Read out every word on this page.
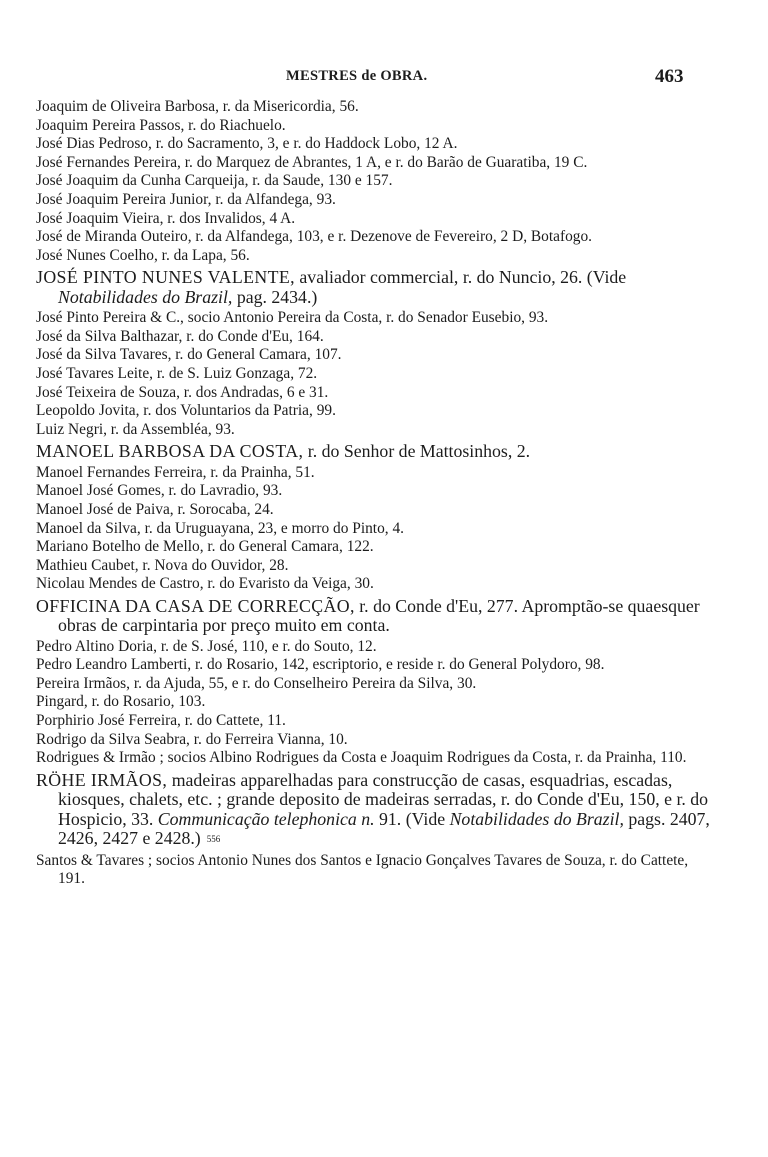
MESTRES de OBRA.	463

Joaquim de Oliveira Barbosa, r. da Misericordia, 56.

Joaquim Pereira Passos, r. do Riachuelo.

José Dias Pedroso, r. do Sacramento, 3, e r. do Haddock Lobo, 12 A.

José Fernandes Pereira, r. do Marquez de Abrantes, 1 A, e r. do Barão de Guaratiba, 19 C.

José Joaquim da Cunha Carqueija, r. da Saude, 130 e 157.

José Joaquim Pereira Junior, r. da Alfandega, 93.

José Joaquim Vieira, r. dos Invalidos, 4 A.

José de Miranda Outeiro, r. da Alfandega, 103, e r. Dezenove de Fevereiro, 2 D, Botafogo.

José Nunes Coelho, r. da Lapa, 56.

JOSÉ PINTO NUNES VALENTE, avaliador commercial, r. do Nuncio, 26. (Vide Notabilidades do Brazil, pag. 2434.)

José Pinto Pereira & C., socio Antonio Pereira da Costa, r. do Senador Eusebio, 93.

José da Silva Balthazar, r. do Conde d'Eu, 164.

José da Silva Tavares, r. do General Camara, 107.

José Tavares Leite, r. de S. Luiz Gonzaga, 72.

José Teixeira de Souza, r. dos Andradas, 6 e 31.

Leopoldo Jovita, r. dos Voluntarios da Patria, 99.

Luiz Negri, r. da Assembléa, 93.

MANOEL BARBOSA DA COSTA, r. do Senhor de Mattosinhos, 2.

Manoel Fernandes Ferreira, r. da Prainha, 51.

Manoel José Gomes, r. do Lavradio, 93.

Manoel José de Paiva, r. Sorocaba, 24.

Manoel da Silva, r. da Uruguayana, 23, e morro do Pinto, 4.

Mariano Botelho de Mello, r. do General Camara, 122.

Mathieu Caubet, r. Nova do Ouvidor, 28.

Nicolau Mendes de Castro, r. do Evaristo da Veiga, 30.

OFFICINA DA CASA DE CORRECÇÃO, r. do Conde d'Eu, 277. Apromptão-se quaesquer obras de carpintaria por preço muito em conta.

Pedro Altino Doria, r. de S. José, 110, e r. do Souto, 12.

Pedro Leandro Lamberti, r. do Rosario, 142, escriptorio, e reside r. do General Polydoro, 98.

Pereira Irmãos, r. da Ajuda, 55, e r. do Conselheiro Pereira da Silva, 30.

Pingard, r. do Rosario, 103.

Porphirio José Ferreira, r. do Cattete, 11.

Rodrigo da Silva Seabra, r. do Ferreira Vianna, 10.

Rodrigues & Irmão ; socios Albino Rodrigues da Costa e Joaquim Rodrigues da Costa, r. da Prainha, 110.

RÖHE IRMÃOS, madeiras apparelhadas para construcção de casas, esquadrias, escadas, kiosques, chalets, etc. ; grande deposito de madeiras serradas, r. do Conde d'Eu, 150, e r. do Hospicio, 33. Communicação telephonica n. 91. (Vide Notabilidades do Brazil, pags. 2407, 2426, 2427 e 2428.) 556

Santos & Tavares ; socios Antonio Nunes dos Santos e Ignacio Gonçalves Tavares de Souza, r. do Cattete, 191.
